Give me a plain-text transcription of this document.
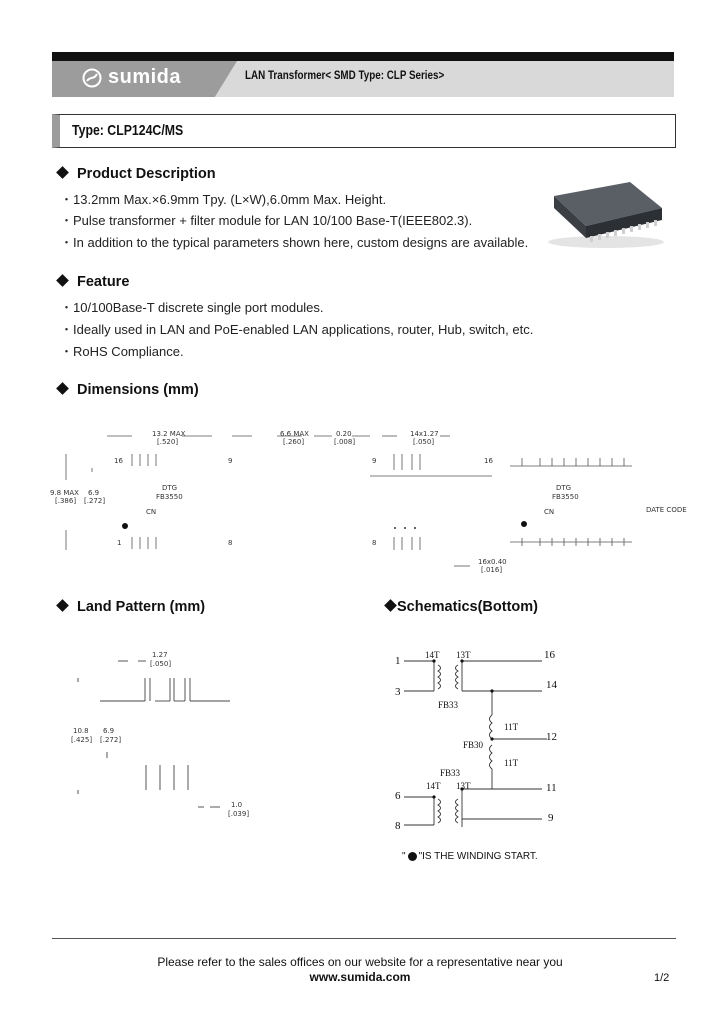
sumida	LAN Transformer< SMD Type: CLP Series>
Type: CLP124C/MS
Product Description
・13.2mm Max.×6.9mm Tpy. (L×W),6.0mm Max. Height.
・Pulse transformer + filter module for LAN 10/100 Base-T(IEEE802.3).
・In addition to the typical parameters shown here, custom designs are available.
Feature
・10/100Base-T discrete single port modules.
・Ideally used in LAN and PoE-enabled LAN applications, router, Hub, switch, etc.
・RoHS Compliance.
Dimensions (mm)
13.2 MAX
[.520]
6.6 MAX
[.260]
0.20
[.008]
14x1.27
[.050]
16	9	9	16
9.8 MAX
[.386]
6.9
[.272]
DTG
FB3550
CN
DTG
FB3550
CN	DATE CODE
1	8	8
16x0.40
[.016]
Land Pattern (mm)
1.27
[.050]
10.8
[.425]
6.9
[.272]
1.0
[.039]
Schematics(Bottom)
1
3
6
8
16
14
12
11
9
14T 13T
FB33
11T
FB30
11T
FB33
14T 13T
" "IS THE WINDING START.
Please refer to the sales offices on our website for a representative near you
www.sumida.com	1/2
